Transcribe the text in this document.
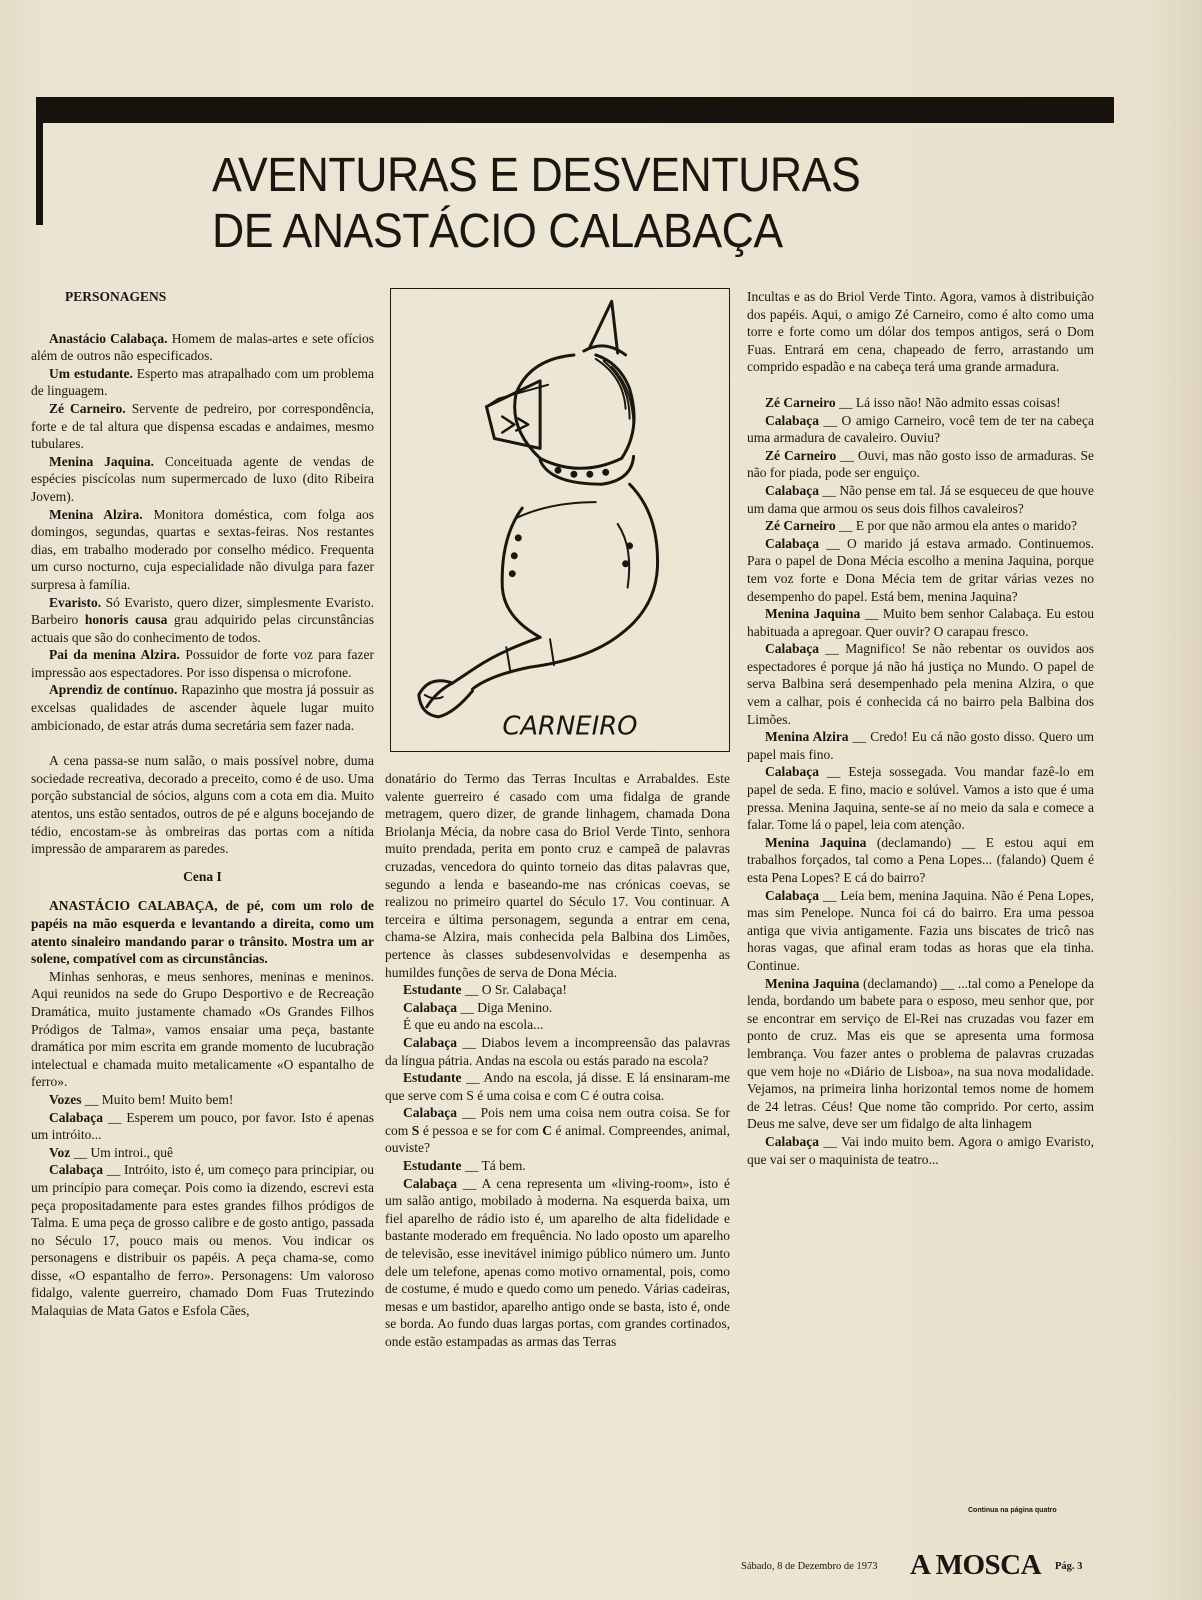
AVENTURAS E DESVENTURAS
DE ANASTÁCIO CALABAÇA
PERSONAGENS

Anastácio Calabaça. Homem de malas-artes e sete ofícios além de outros não especificados.

Um estudante. Esperto mas atrapalhado com um problema de linguagem.

Zé Carneiro. Servente de pedreiro, por correspondência, forte e de tal altura que dispensa escadas e andaimes, mesmo tubulares.

Menina Jaquina. Conceituada agente de vendas de espécies piscícolas num supermercado de luxo (dito Ribeira Jovem).

Menina Alzira. Monitora doméstica, com folga aos domingos, segundas, quartas e sextas-feiras. Nos restantes dias, em trabalho moderado por conselho médico. Frequenta um curso nocturno, cuja especialidade não divulga para fazer surpresa à família.

Evaristo. Só Evaristo, quero dizer, simplesmente Evaristo. Barbeiro honoris causa grau adquirido pelas circunstâncias actuais que são do conhecimento de todos.

Pai da menina Alzira. Possuidor de forte voz para fazer impressão aos espectadores. Por isso dispensa o microfone.

Aprendiz de contínuo. Rapazinho que mostra já possuir as excelsas qualidades de ascender àquele lugar muito ambicionado, de estar atrás duma secretária sem fazer nada.

A cena passa-se num salão, o mais possível nobre, duma sociedade recreativa, decorado a preceito, como é de uso. Uma porção substancial de sócios, alguns com a cota em dia. Muito atentos, uns estão sentados, outros de pé e alguns bocejando de tédio, encostam-se às ombreiras das portas com a nítida impressão de ampararem as paredes.

Cena I

ANASTÁCIO CALABAÇA, de pé, com um rolo de papéis na mão esquerda e levantando a direita, como um atento sinaleiro mandando parar o trânsito. Mostra um ar solene, compatível com as circunstâncias.

Minhas senhoras, e meus senhores, meninas e meninos. Aqui reunidos na sede do Grupo Desportivo e de Recreação Dramática, muito justamente chamado «Os Grandes Filhos Pródigos de Talma», vamos ensaiar uma peça, bastante dramática por mim escrita em grande momento de lucubração intelectual e chamada muito metalicamente «O espantalho de ferro».

Vozes __ Muito bem! Muito bem!

Calabaça __ Esperem um pouco, por favor. Isto é apenas um intróito...

Voz __ Um introi., quê

Calabaça __ Intróito, isto é, um começo para principiar, ou um princípio para começar. Pois como ia dizendo, escrevi esta peça propositadamente para estes grandes filhos pródigos de Talma. E uma peça de grosso calibre e de gosto antigo, passada no Século 17, pouco mais ou menos. Vou indicar os personagens e distribuir os papéis. A peça chama-se, como disse, «O espantalho de ferro». Personagens: Um valoroso fidalgo, valente guerreiro, chamado Dom Fuas Trutezindo Malaquias de Mata Gatos e Esfola Cães,

CARNEIRO

donatário do Termo das Terras Incultas e Arrabaldes. Este valente guerreiro é casado com uma fidalga de grande metragem, quero dizer, de grande linhagem, chamada Dona Briolanja Mécia, da nobre casa do Briol Verde Tinto, senhora muito prendada, perita em ponto cruz e campeã de palavras cruzadas, vencedora do quinto torneio das ditas palavras que, segundo a lenda e baseando-me nas crónicas coevas, se realizou no primeiro quartel do Século 17. Vou continuar. A terceira e última personagem, segunda a entrar em cena, chama-se Alzira, mais conhecida pela Balbina dos Limões, pertence às classes subdesenvolvidas e desempenha as humildes funções de serva de Dona Mécia.

Estudante __ O Sr. Calabaça!

Calabaça __ Diga Menino.

É que eu ando na escola...

Calabaça __ Diabos levem a incompreensão das palavras da língua pátria. Andas na escola ou estás parado na escola?

Estudante __ Ando na escola, já disse. E lá ensinaram-me que serve com S é uma coisa e com C é outra coisa.

Calabaça __ Pois nem uma coisa nem outra coisa. Se for com S é pessoa e se for com C é animal. Compreendes, animal, ouviste?

Estudante __ Tá bem.

Calabaça __ A cena representa um «living-room», isto é um salão antigo, mobilado à moderna. Na esquerda baixa, um fiel aparelho de rádio isto é, um aparelho de alta fidelidade e bastante moderado em frequência. No lado oposto um aparelho de televisão, esse inevitável inimigo público número um. Junto dele um telefone, apenas como motivo ornamental, pois, como de costume, é mudo e quedo como um penedo. Várias cadeiras, mesas e um bastidor, aparelho antigo onde se basta, isto é, onde se borda. Ao fundo duas largas portas, com grandes cortinados, onde estão estampadas as armas das Terras

Incultas e as do Briol Verde Tinto. Agora, vamos à distribuição dos papéis. Aqui, o amigo Zé Carneiro, como é alto como uma torre e forte como um dólar dos tempos antigos, será o Dom Fuas. Entrará em cena, chapeado de ferro, arrastando um comprido espadão e na cabeça terá uma grande armadura.

Zé Carneiro __ Lá isso não! Não admito essas coisas!

Calabaça __ O amigo Carneiro, você tem de ter na cabeça uma armadura de cavaleiro. Ouviu?

Zé Carneiro __ Ouvi, mas não gosto isso de armaduras. Se não for piada, pode ser enguiço.

Calabaça __ Não pense em tal. Já se esqueceu de que houve um dama que armou os seus dois filhos cavaleiros?

Zé Carneiro __ E por que não armou ela antes o marido?

Calabaça __ O marido já estava armado. Continuemos. Para o papel de Dona Mécia escolho a menina Jaquina, porque tem voz forte e Dona Mécia tem de gritar várias vezes no desempenho do papel. Está bem, menina Jaquina?

Menina Jaquina __ Muito bem senhor Calabaça. Eu estou habituada a apregoar. Quer ouvir? O carapau fresco.

Calabaça __ Magnifico! Se não rebentar os ouvidos aos espectadores é porque já não há justiça no Mundo. O papel de serva Balbina será desempenhado pela menina Alzira, o que vem a calhar, pois é conhecida cá no bairro pela Balbina dos Limões.

Menina Alzira __ Credo! Eu cá não gosto disso. Quero um papel mais fino.

Calabaça __ Esteja sossegada. Vou mandar fazê-lo em papel de seda. E fino, macio e solúvel. Vamos a isto que é uma pressa. Menina Jaquina, sente-se aí no meio da sala e comece a falar. Tome lá o papel, leia com atenção.

Menina Jaquina (declamando) __ E estou aqui em trabalhos forçados, tal como a Pena Lopes... (falando) Quem é esta Pena Lopes? E cá do bairro?

Calabaça __ Leia bem, menina Jaquina. Não é Pena Lopes, mas sim Penelope. Nunca foi cá do bairro. Era uma pessoa antiga que vivia antigamente. Fazia uns biscates de tricô nas horas vagas, que afinal eram todas as horas que ela tinha. Continue.

Menina Jaquina (declamando) __ ...tal como a Penelope da lenda, bordando um babete para o esposo, meu senhor que, por se encontrar em serviço de El-Rei nas cruzadas vou fazer em ponto de cruz. Mas eis que se apresenta uma formosa lembrança. Vou fazer antes o problema de palavras cruzadas que vem hoje no «Diário de Lisboa», na sua nova modalidade. Vejamos, na primeira linha horizontal temos nome de homem de 24 letras. Céus! Que nome tão comprido. Por certo, assim Deus me salve, deve ser um fidalgo de alta linhagem

Calabaça __ Vai indo muito bem. Agora o amigo Evaristo, que vai ser o maquinista de teatro...

Continua na página quatro
Sábado, 8 de Dezembro de 1973 A MOSCA Pág. 3
